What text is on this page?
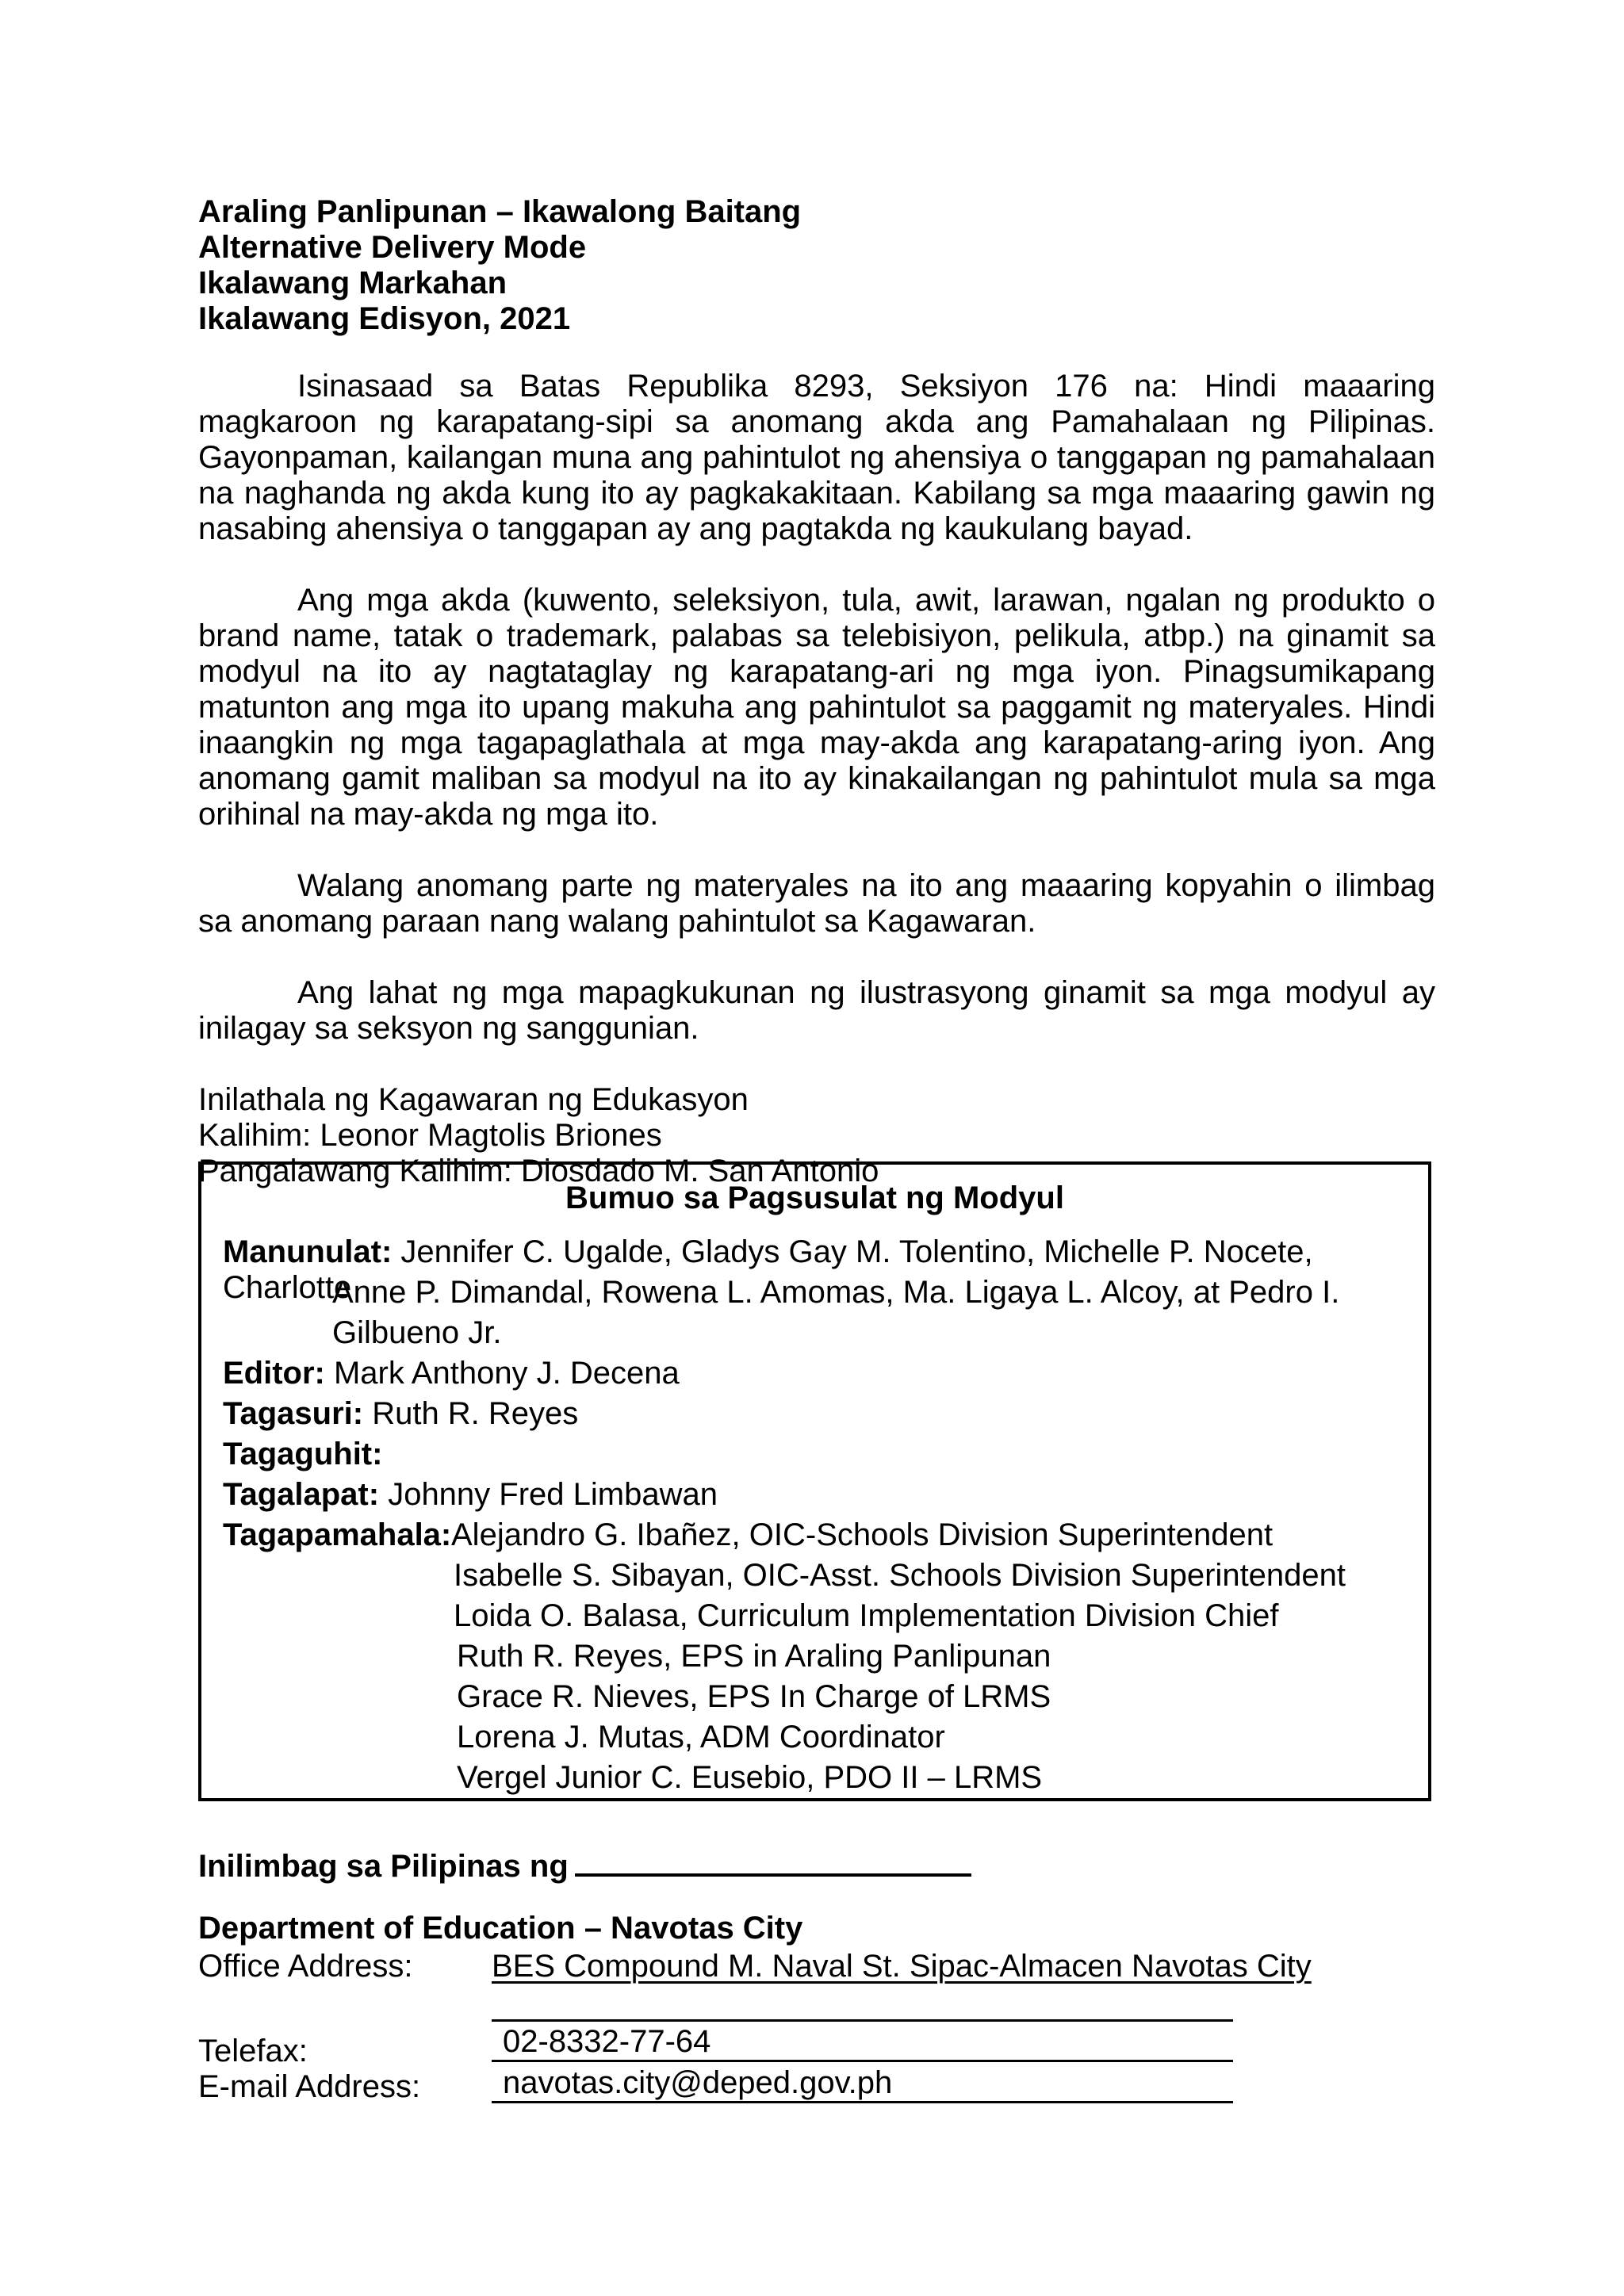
Araling Panlipunan – Ikawalong Baitang
Alternative Delivery Mode
Ikalawang Markahan
Ikalawang Edisyon, 2021

Isinasaad sa Batas Republika 8293, Seksiyon 176 na: Hindi maaaring magkaroon ng karapatang-sipi sa anomang akda ang Pamahalaan ng Pilipinas. Gayonpaman, kailangan muna ang pahintulot ng ahensiya o tanggapan ng pamahalaan na naghanda ng akda kung ito ay pagkakakitaan. Kabilang sa mga maaaring gawin ng nasabing ahensiya o tanggapan ay ang pagtakda ng kaukulang bayad.

Ang mga akda (kuwento, seleksiyon, tula, awit, larawan, ngalan ng produkto o brand name, tatak o trademark, palabas sa telebisiyon, pelikula, atbp.) na ginamit sa modyul na ito ay nagtataglay ng karapatang-ari ng mga iyon. Pinagsumikapang matunton ang mga ito upang makuha ang pahintulot sa paggamit ng materyales. Hindi inaangkin ng mga tagapaglathala at mga may-akda ang karapatang-aring iyon. Ang anomang gamit maliban sa modyul na ito ay kinakailangan ng pahintulot mula sa mga orihinal na may-akda ng mga ito.

Walang anomang parte ng materyales na ito ang maaaring kopyahin o ilimbag sa anomang paraan nang walang pahintulot sa Kagawaran.

Ang lahat ng mga mapagkukunan ng ilustrasyong ginamit sa mga modyul ay inilagay sa seksyon ng sanggunian.

Inilathala ng Kagawaran ng Edukasyon
Kalihim: Leonor Magtolis Briones
Pangalawang Kalihim: Diosdado M. San Antonio
Bumuo sa Pagsusulat ng Modyul
Manunulat: Jennifer C. Ugalde, Gladys Gay M. Tolentino, Michelle P. Nocete, Charlotte
Anne P. Dimandal, Rowena L. Amomas, Ma. Ligaya L. Alcoy, at Pedro I.
Gilbueno Jr.
Editor: Mark Anthony J. Decena
Tagasuri: Ruth R. Reyes
Tagaguhit:
Tagalapat: Johnny Fred Limbawan
Tagapamahala: Alejandro G. Ibañez, OIC-Schools Division Superintendent
Isabelle S. Sibayan, OIC-Asst. Schools Division Superintendent
Loida O. Balasa, Curriculum Implementation Division Chief
Ruth R. Reyes, EPS in Araling Panlipunan
Grace R. Nieves, EPS In Charge of LRMS
Lorena J. Mutas, ADM Coordinator
Vergel Junior C. Eusebio, PDO II – LRMS
Inilimbag sa Pilipinas ng
Department of Education – Navotas City
Office Address: BES Compound M. Naval St. Sipac-Almacen Navotas City
Telefax:	02-8332-77-64
E-mail Address:	navotas.city@deped.gov.ph
